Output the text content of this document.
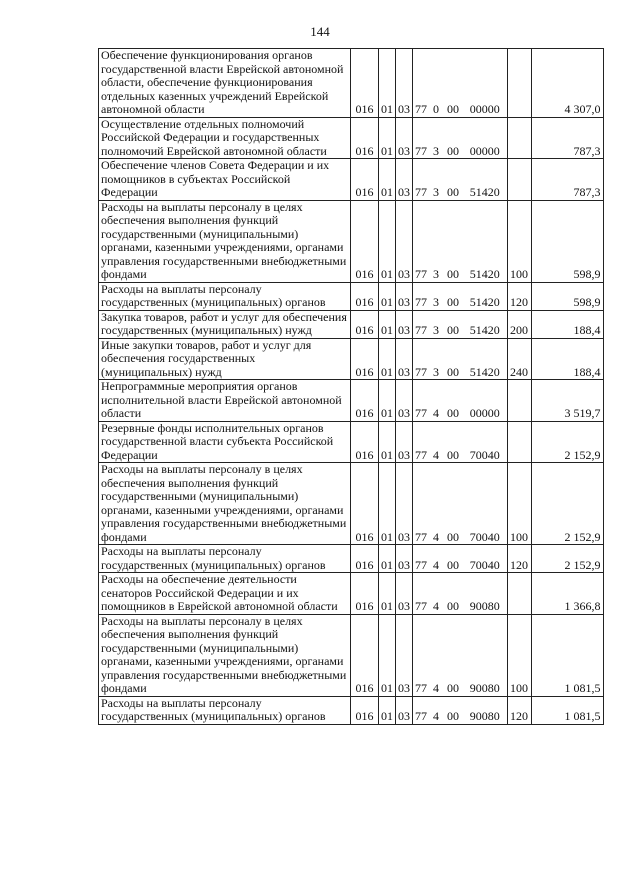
144
Обеспечение функционирования органов государственной власти Еврейской автономной области, обеспечение функционирования отдельных казенных учреждений Еврейской автономной области	016	01	03	77	0	00	00000		4 307,0
Осуществление отдельных полномочий Российской Федерации и государственных полномочий Еврейской автономной области	016	01	03	77	3	00	00000		787,3
Обеспечение членов Совета Федерации и их помощников в субъектах Российской Федерации	016	01	03	77	3	00	51420		787,3
Расходы на выплаты персоналу в целях обеспечения выполнения функций государственными (муниципальными) органами, казенными учреждениями, органами управления государственными внебюджетными фондами	016	01	03	77	3	00	51420	100	598,9
Расходы на выплаты персоналу государственных (муниципальных) органов	016	01	03	77	3	00	51420	120	598,9
Закупка товаров, работ и услуг для обеспечения государственных (муниципальных) нужд	016	01	03	77	3	00	51420	200	188,4
Иные закупки товаров, работ и услуг для обеспечения государственных (муниципальных) нужд	016	01	03	77	3	00	51420	240	188,4
Непрограммные мероприятия органов исполнительной власти Еврейской автономной области	016	01	03	77	4	00	00000		3 519,7
Резервные фонды исполнительных органов государственной власти субъекта Российской Федерации	016	01	03	77	4	00	70040		2 152,9
Расходы на выплаты персоналу в целях обеспечения выполнения функций государственными (муниципальными) органами, казенными учреждениями, органами управления государственными внебюджетными фондами	016	01	03	77	4	00	70040	100	2 152,9
Расходы на выплаты персоналу государственных (муниципальных) органов	016	01	03	77	4	00	70040	120	2 152,9
Расходы на обеспечение деятельности сенаторов Российской Федерации и их помощников в Еврейской автономной области	016	01	03	77	4	00	90080		1 366,8
Расходы на выплаты персоналу в целях обеспечения выполнения функций государственными (муниципальными) органами, казенными учреждениями, органами управления государственными внебюджетными фондами	016	01	03	77	4	00	90080	100	1 081,5
Расходы на выплаты персоналу государственных (муниципальных) органов	016	01	03	77	4	00	90080	120	1 081,5
